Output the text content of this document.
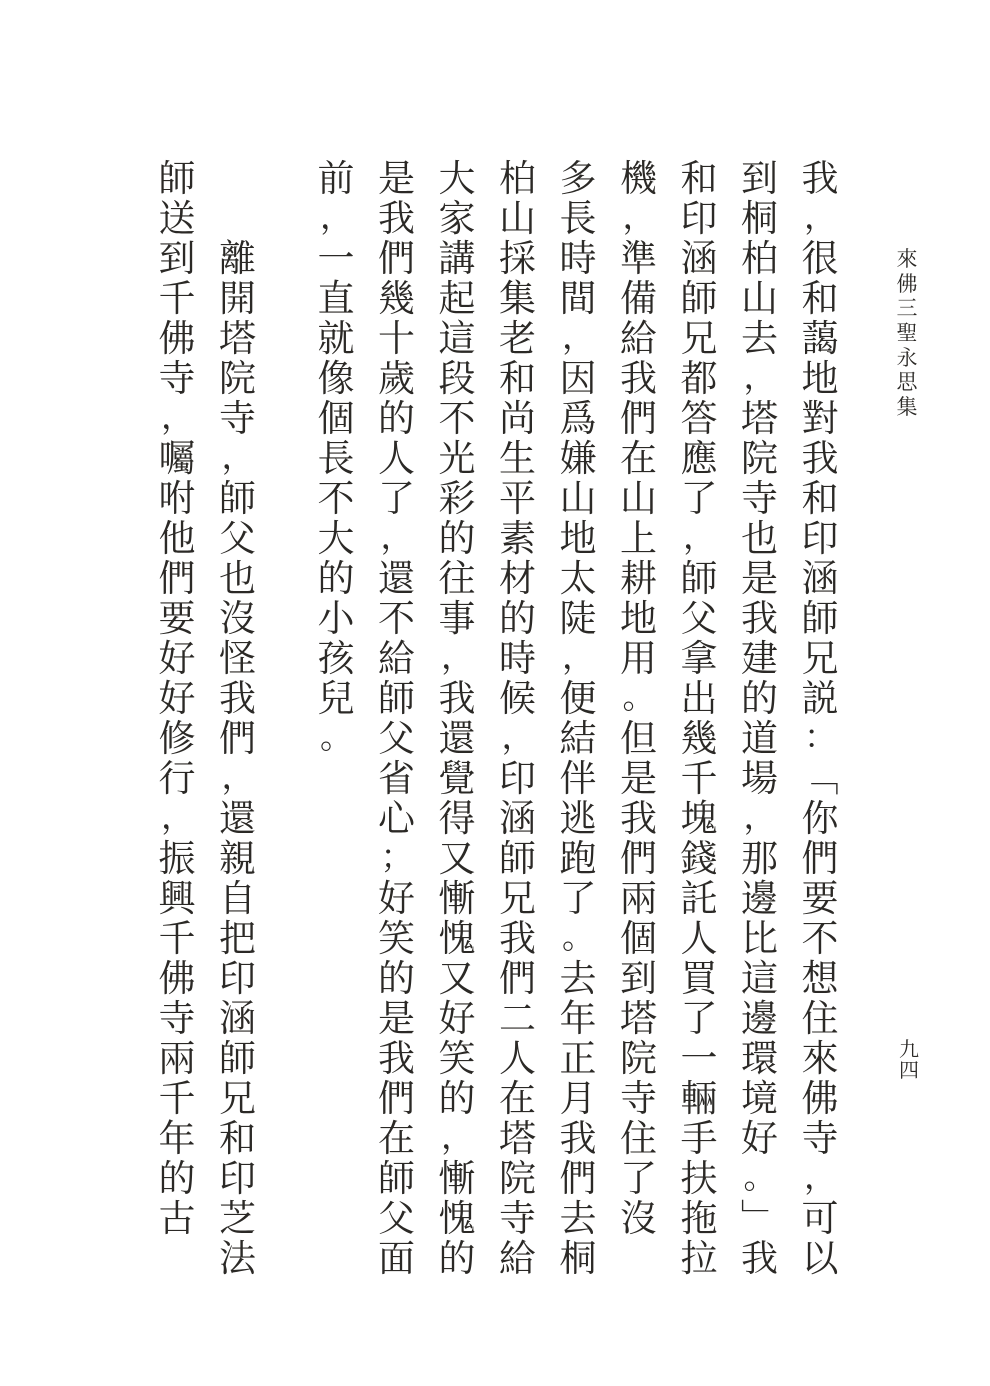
來
佛
三
聖
永
思
集
九
四
我
，
很
和
藹
地
對
我
和
印
涵
師
兄
説
：
﹁
你
們
要
不
想
住
來
佛
寺
，
可
以
到
桐
柏
山
去
，
塔
院
寺
也
是
我
建
的
道
場
，
那
邊
比
這
邊
環
境
好
。
﹂
我
和
印
涵
師
兄
都
答
應
了
，
師
父
拿
出
幾
千
塊
錢
託
人
買
了
一
輛
手
扶
拖
拉
機
，
準
備
給
我
們
在
山
上
耕
地
用
。
但
是
我
們
兩
個
到
塔
院
寺
住
了
沒
多
長
時
間
，
因
爲
嫌
山
地
太
陡
，
便
結
伴
逃
跑
了
。
去
年
正
月
我
們
去
桐
柏
山
採
集
老
和
尚
生
平
素
材
的
時
候
，
印
涵
師
兄
我
們
二
人
在
塔
院
寺
給
大
家
講
起
這
段
不
光
彩
的
往
事
，
我
還
覺
得
又
慚
愧
又
好
笑
的
，
慚
愧
的
是
我
們
幾
十
歲
的
人
了
，
還
不
給
師
父
省
心
；
好
笑
的
是
我
們
在
師
父
面
前
，
一
直
就
像
個
長
不
大
的
小
孩
兒
。
離
開
塔
院
寺
，
師
父
也
沒
怪
我
們
，
還
親
自
把
印
涵
師
兄
和
印
芝
法
師
送
到
千
佛
寺
，
囑
咐
他
們
要
好
好
修
行
，
振
興
千
佛
寺
兩
千
年
的
古
